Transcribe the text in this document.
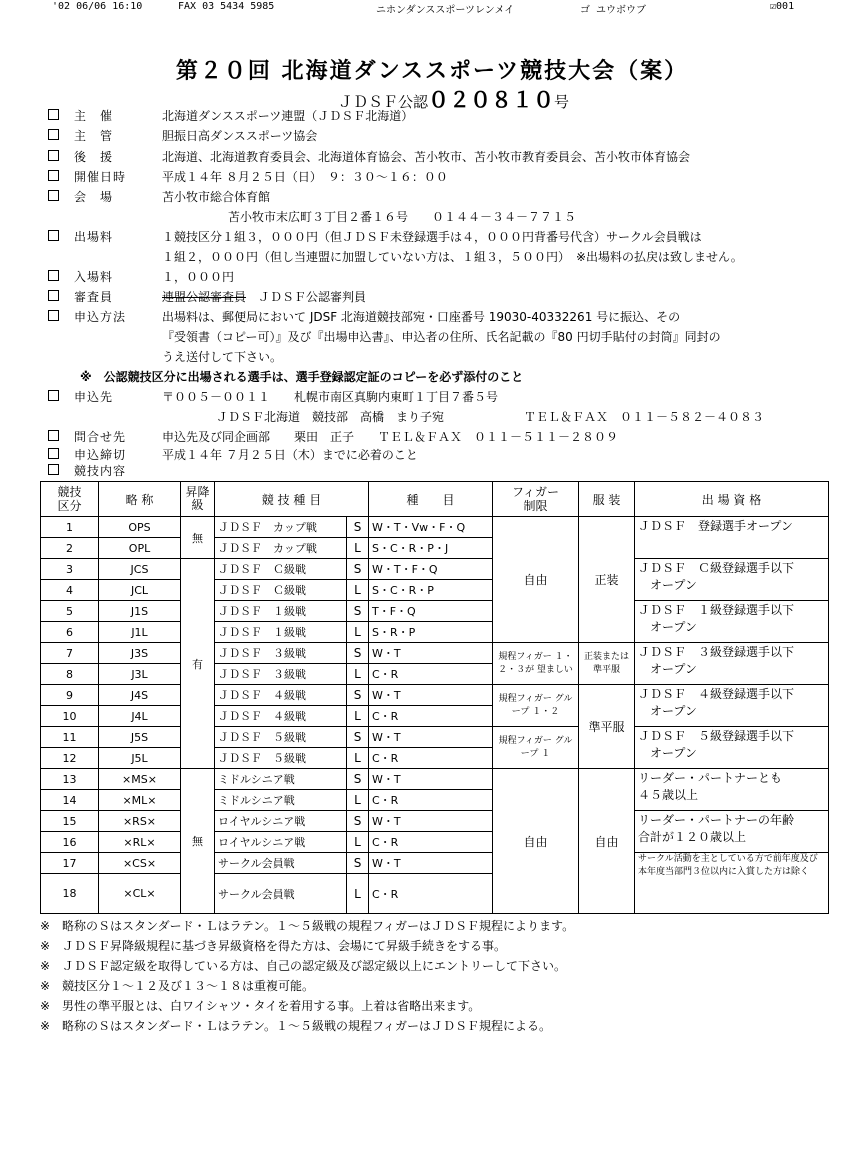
'02 06/06 16:10	FAX 03 5434 5985	ニホンダンススポーツレンメイ	ゴ ユウボウブ	☑001
第２０回 北海道ダンススポーツ競技大会（案）
ＪＤＳＦ公認０２０８１０号
主　催	北海道ダンススポーツ連盟（ＪＤＳＦ北海道）
主　管	胆振日高ダンススポーツ協会
後　援	北海道、北海道教育委員会、北海道体育協会、苫小牧市、苫小牧市教育委員会、苫小牧市体育協会
開催日時	平成１４年 ８月２５日（日）　９：３０～１６：００
会　場	苫小牧市総合体育館
苫小牧市末広町３丁目２番１６号　　０１４４－３４－７７１５
出場料	１競技区分１組３，０００円（但ＪＤＳＦ未登録選手は４，０００円背番号代含）サークル会員戦は
１組２，０００円（但し当連盟に加盟していない方は、１組３，５００円）　※出場料の払戻は致しません。
入場料	１，０００円
審査員	連盟公認審査員　 ＪＤＳＦ公認審判員
申込方法	出場料は、郵便局において JDSF 北海道競技部宛・口座番号 19030-40332261 号に振込、その
『受領書（コピー可）』及び『出場申込書』、申込者の住所、氏名記載の『80 円切手貼付の封筒』同封の
うえ送付して下さい。
※　公認競技区分に出場される選手は、選手登録認定証のコピーを必ず添付のこと
申込先	〒００５－００１１　　札幌市南区真駒内東町１丁目７番５号
ＪＤＳＦ北海道　競技部　高橋　まり子宛	ＴＥＬ＆ＦＡＸ　０１１－５８２－４０８３
問合せ先	申込先及び同企画部　　栗田　正子　　ＴＥＬ＆ＦＡＸ　０１１－５１１－２８０９
申込締切	平成１４年 ７月２５日（木）までに必着のこと
競技内容
競技
区分	略 称	昇降級	競 技 種 目		種　　目	フィガー
制限	服 装	出 場 資 格
1	OPS	無	ＪＤＳＦ　カップ戦	S	W・T・Vw・F・Q	自由	正装	ＪＤＳＦ　登録選手オープン
2	OPL		ＪＤＳＦ　カップ戦	L	S・C・R・P・J			
3	JCS	有	ＪＤＳＦ　Ｃ級戦	S	W・T・F・Q			ＪＤＳＦ　Ｃ級登録選手以下
　オープン
4	JCL		ＪＤＳＦ　Ｃ級戦	L	S・C・R・P			
5	J1S		ＪＤＳＦ　１級戦	S	T・F・Q			ＪＤＳＦ　１級登録選手以下
　オープン
6	J1L		ＪＤＳＦ　１級戦	L	S・R・P			
7	J3S		ＪＤＳＦ　３級戦	S	W・T	規程フィガー １・２・３が 望ましい	正装または準平服	ＪＤＳＦ　３級登録選手以下
　オープン
8	J3L		ＪＤＳＦ　３級戦	L	C・R			
9	J4S		ＪＤＳＦ　４級戦	S	W・T	規程フィガー グループ １・２	準平服	ＪＤＳＦ　４級登録選手以下
　オープン
10	J4L		ＪＤＳＦ　４級戦	L	C・R			
11	J5S		ＪＤＳＦ　５級戦	S	W・T	規程フィガー グループ １		ＪＤＳＦ　５級登録選手以下
　オープン
12	J5L		ＪＤＳＦ　５級戦	L	C・R			
13	×MS×	無	ミドルシニア戦	S	W・T	自由	自由	リーダー・パートナーとも
４５歳以上
14	×ML×		ミドルシニア戦	L	C・R			
15	×RS×		ロイヤルシニア戦	S	W・T			リーダー・パートナーの年齢
合計が１２０歳以上
16	×RL×		ロイヤルシニア戦	L	C・R			
17	×CS×		サークル会員戦	S	W・T			サークル活動を主としている方で前年度及び本年度当部門３位以内に入賞した方は除く
18	×CL×		サークル会員戦	L	C・R			
※　略称のＳはスタンダード・Ｌはラテン。１～５級戦の規程フィガーはＪＤＳＦ規程によります。
※　ＪＤＳＦ昇降級規程に基づき昇級資格を得た方は、会場にて昇級手続きをする事。
※　ＪＤＳＦ認定級を取得している方は、自己の認定級及び認定級以上にエントリーして下さい。
※　競技区分１～１２及び１３～１８は重複可能。
※　男性の準平服とは、白ワイシャツ・タイを着用する事。上着は省略出来ます。
※　略称のＳはスタンダード・Ｌはラテン。１～５級戦の規程フィガーはＪＤＳＦ規程による。
